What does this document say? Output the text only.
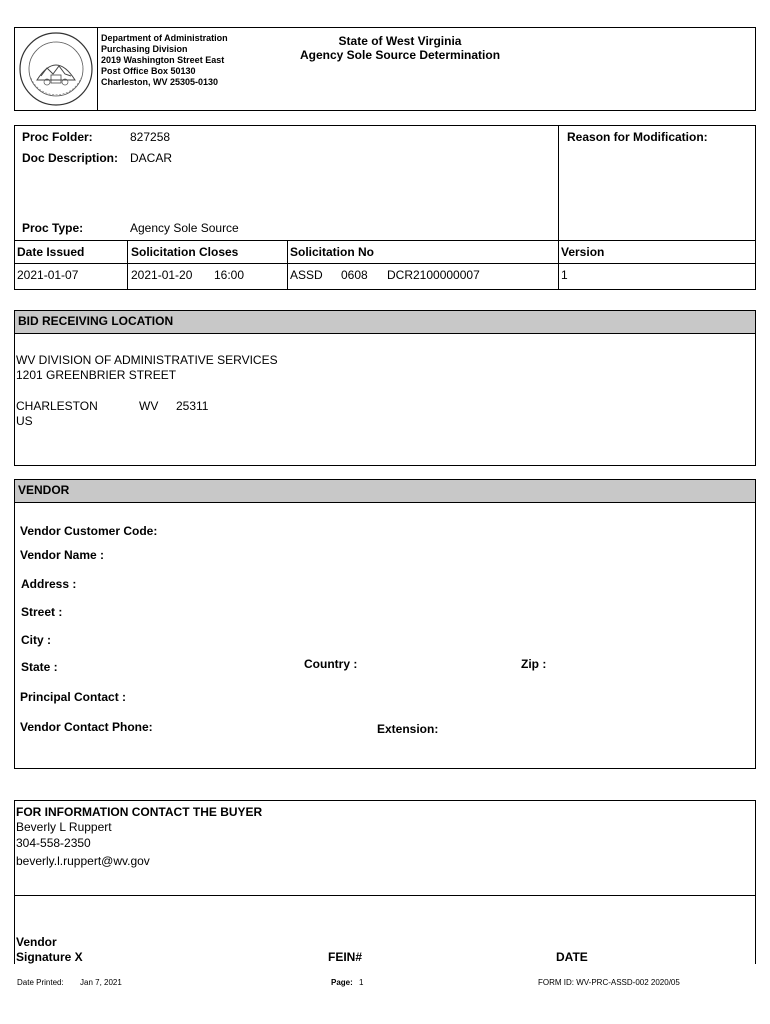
Department of Administration
Purchasing Division
2019 Washington Street East
Post Office Box 50130
Charleston, WV 25305-0130
State of West Virginia
Agency Sole Source Determination
Proc Folder:	827258
Doc Description: DACAR
Proc Type:	Agency Sole Source
Reason for Modification:
Date Issued	Solicitation Closes	Solicitation No	Version
2021-01-07	2021-01-20 16:00	ASSD 0608 DCR2100000007	1
BID RECEIVING LOCATION
WV DIVISION OF ADMINISTRATIVE SERVICES
1201 GREENBRIER STREET
CHARLESTON	WV 25311
US
VENDOR
Vendor Customer Code:
Vendor Name :
Address :
Street :
City :
State :	Country :	Zip :
Principal Contact :
Vendor Contact Phone:	Extension:
FOR INFORMATION CONTACT THE BUYER
Beverly L Ruppert
304-558-2350
beverly.l.ruppert@wv.gov
Vendor
Signature X	FEIN#	DATE
Date Printed: Jan 7, 2021	Page: 1	FORM ID: WV-PRC-ASSD-002 2020/05
